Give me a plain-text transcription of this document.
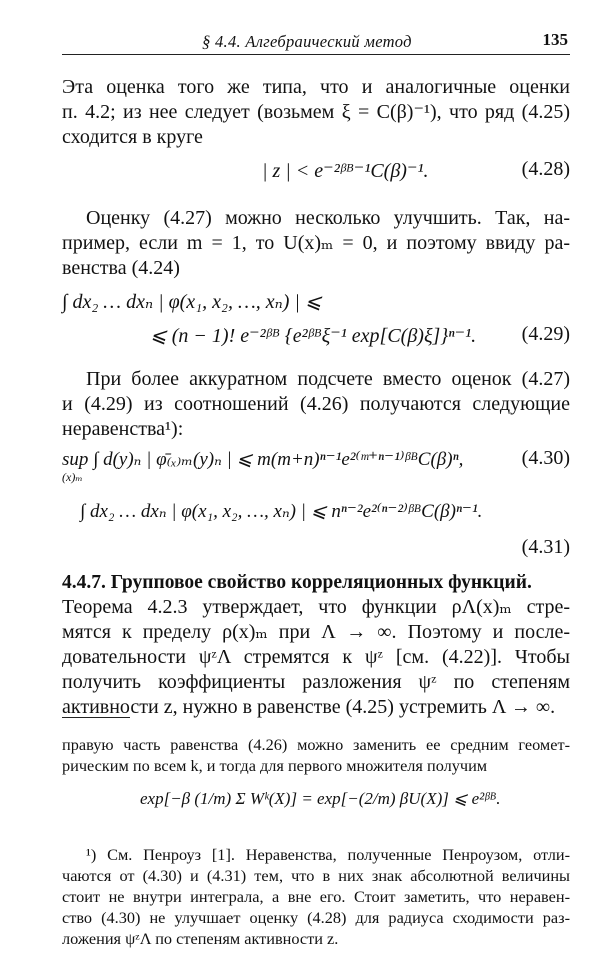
§ 4.4. Алгебраический метод	135
Эта оценка того же типа, что и аналогичные оценки
п. 4.2; из нее следует (возьмем ξ = C(β)⁻¹), что ряд (4.25)
сходится в круге
| z | < e⁻²ᵝᴮ⁻¹C(β)⁻¹.	(4.28)
Оценку (4.27) можно несколько улучшить. Так, на-
пример, если m = 1, то U(x)ₘ = 0, и поэтому ввиду ра-
венства (4.24)
∫ dx₂ … dxₙ | φ(x₁, x₂, …, xₙ) | ⩽
⩽ (n − 1)! e⁻²ᵝᴮ {e²ᵝᴮξ⁻¹ exp[C(β)ξ]}ⁿ⁻¹. (4.29)
При более аккуратном подсчете вместо оценок (4.27)
и (4.29) из соотношений (4.26) получаются следующие
неравенства¹):
sup ∫ d(y)ₙ | φ̄₍ₓ₎ₘ(y)ₙ | ⩽ m(m+n)ⁿ⁻¹e²⁽ᵐ⁺ⁿ⁻¹⁾ᵝᴮC(β)ⁿ,
(x)ₘ
(4.30)
∫ dx₂ … dxₙ | φ(x₁, x₂, …, xₙ) | ⩽ nⁿ⁻²e²⁽ⁿ⁻²⁾ᵝᴮC(β)ⁿ⁻¹.
(4.31)
4.4.7. Групповое свойство корреляционных функций.
Теорема 4.2.3 утверждает, что функции ρΛ(x)ₘ стре-
мятся к пределу ρ(x)ₘ при Λ → ∞. Поэтому и после-
довательности ψᶻΛ стремятся к ψᶻ [см. (4.22)]. Чтобы
получить коэффициенты разложения ψᶻ по степеням
активности z, нужно в равенстве (4.25) устремить Λ → ∞.
правую часть равенства (4.26) можно заменить ее средним геомет-
рическим по всем k, и тогда для первого множителя получим
exp[−β (1/m) Σ Wᵏ(X)] = exp[−(2/m) βU(X)] ⩽ e²ᵝᴮ.
¹) См. Пенроуз [1]. Неравенства, полученные Пенроузом, отли-
чаются от (4.30) и (4.31) тем, что в них знак абсолютной величины
стоит не внутри интеграла, а вне его. Стоит заметить, что неравен-
ство (4.30) не улучшает оценку (4.28) для радиуса сходимости раз-
ложения ψᶻΛ по степеням активности z.
